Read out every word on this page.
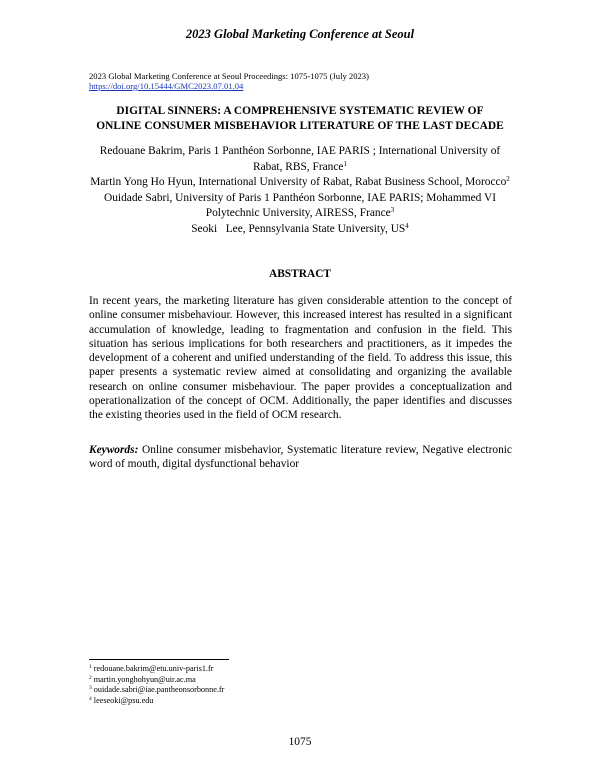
2023 Global Marketing Conference at Seoul
2023 Global Marketing Conference at Seoul Proceedings: 1075-1075 (July 2023)
https://doi.org/10.15444/GMC2023.07.01.04
DIGITAL SINNERS: A COMPREHENSIVE SYSTEMATIC REVIEW OF
ONLINE CONSUMER MISBEHAVIOR LITERATURE OF THE LAST DECADE
Redouane Bakrim, Paris 1 Panthéon Sorbonne, IAE PARIS ; International University of Rabat, RBS, France$^1$
Martin Yong Ho Hyun, International University of Rabat, Rabat Business School, Morocco$^2$
Ouidade Sabri, University of Paris 1 Panthéon Sorbonne, IAE PARIS; Mohammed VI Polytechnic University, AIRESS, France$^3$
Seoki   Lee, Pennsylvania State University, $US^4$
ABSTRACT
In recent years, the marketing literature has given considerable attention to the concept of online consumer misbehaviour. However, this increased interest has resulted in a significant accumulation of knowledge, leading to fragmentation and confusion in the field. This situation has serious implications for both researchers and practitioners, as it impedes the development of a coherent and unified understanding of the field. To address this issue, this paper presents a systematic review aimed at consolidating and organizing the available research on online consumer misbehaviour. The paper provides a conceptualization and operationalization of the concept of OCM. Additionally, the paper identifies and discusses the existing theories used in the field of OCM research.
Keywords: Online consumer misbehavior, Systematic literature review, Negative electronic word of mouth, digital dysfunctional behavior
$^1$ redouane.bakrim@etu.univ-paris1.fr
$^2$ martin.yonghohyun@uir.ac.ma
$^3$ ouidade.sabri@iae.pantheonsorbonne.fr
$^4$ leeseoki@psu.edu
1075
